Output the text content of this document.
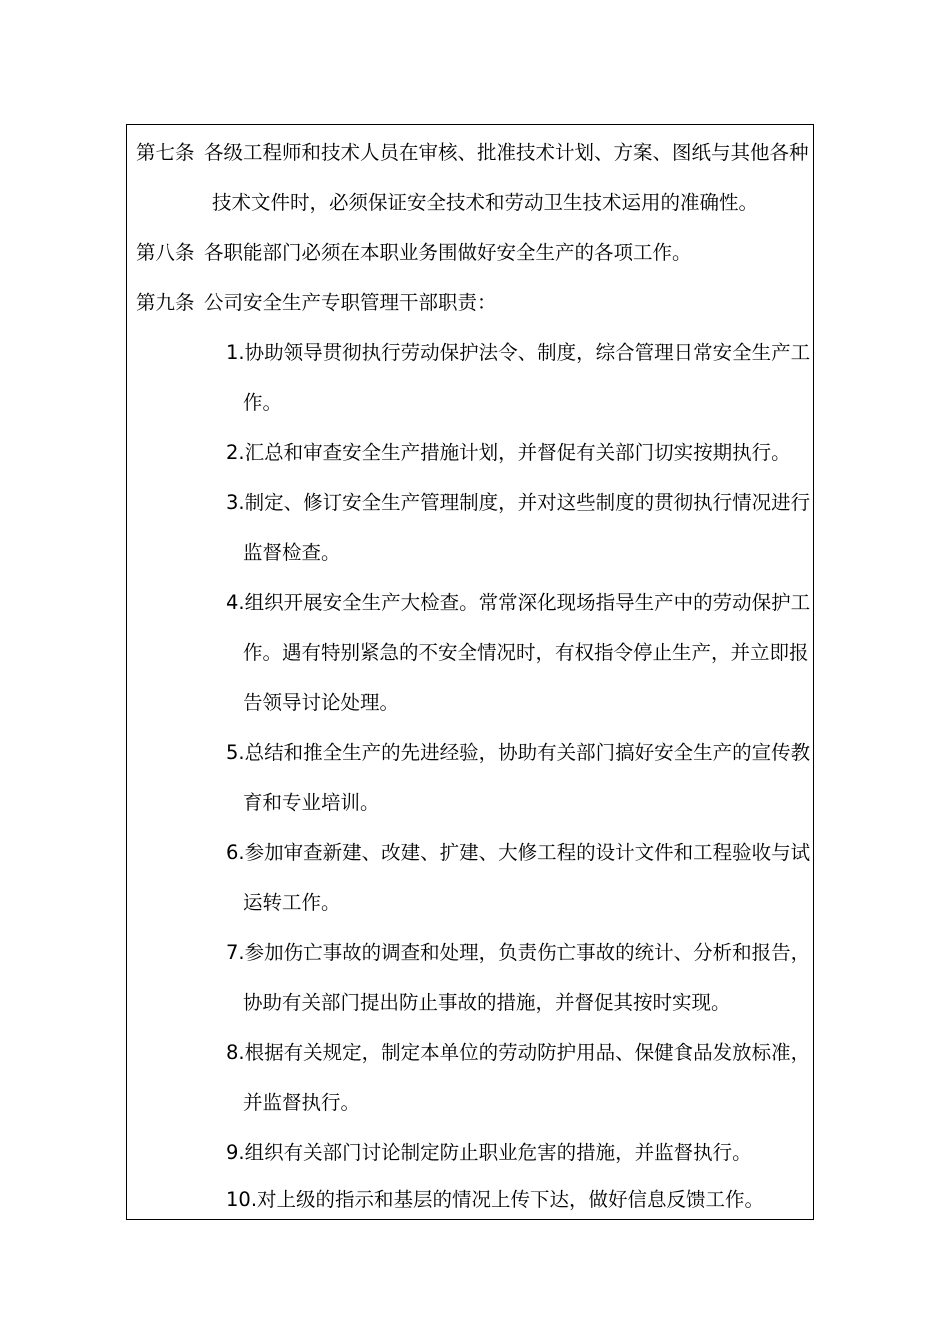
第七条 各级工程师和技术人员在审核、批准技术计划、方案、图纸与其他各种
技术文件时，必须保证安全技术和劳动卫生技术运用的准确性。
第八条 各职能部门必须在本职业务围做好安全生产的各项工作。
第九条 公司安全生产专职管理干部职责：
1.协助领导贯彻执行劳动保护法令、制度，综合管理日常安全生产工
作。
2.汇总和审查安全生产措施计划，并督促有关部门切实按期执行。
3.制定、修订安全生产管理制度，并对这些制度的贯彻执行情况进行
监督检查。
4.组织开展安全生产大检查。常常深化现场指导生产中的劳动保护工
作。遇有特别紧急的不安全情况时，有权指令停止生产，并立即报
告领导讨论处理。
5.总结和推全生产的先进经验，协助有关部门搞好安全生产的宣传教
育和专业培训。
6.参加审查新建、改建、扩建、大修工程的设计文件和工程验收与试
运转工作。
7.参加伤亡事故的调查和处理，负责伤亡事故的统计、分析和报告，
协助有关部门提出防止事故的措施，并督促其按时实现。
8.根据有关规定，制定本单位的劳动防护用品、保健食品发放标准，
并监督执行。
9.组织有关部门讨论制定防止职业危害的措施，并监督执行。
10.对上级的指示和基层的情况上传下达，做好信息反馈工作。
